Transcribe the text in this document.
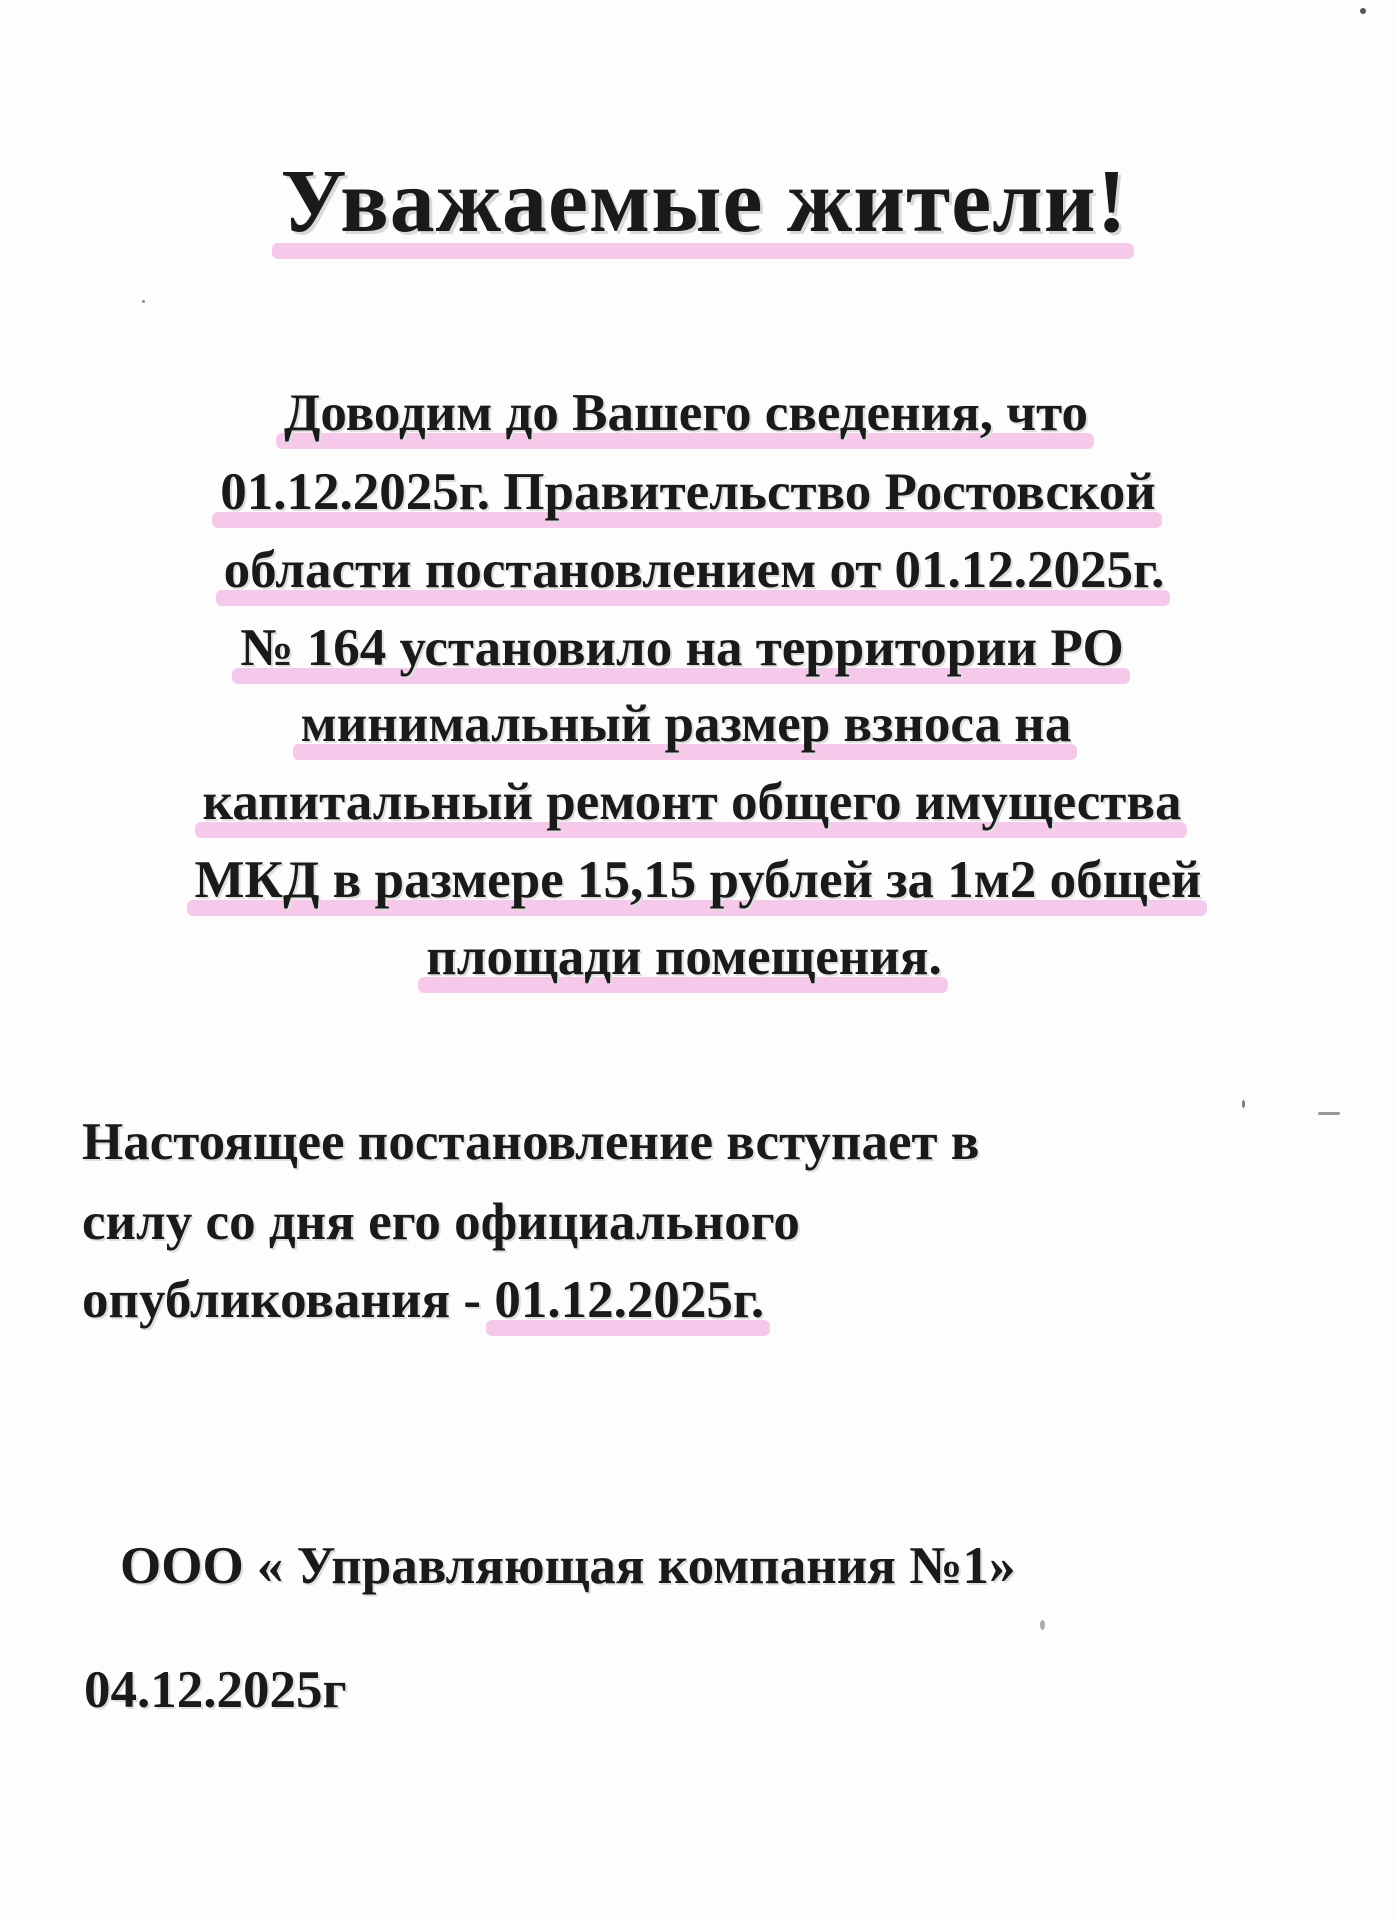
Уважаемые жители!
Доводим до Вашего сведения, что
01.12.2025г. Правительство Ростовской
области постановлением от 01.12.2025г.
№ 164 установило на территории РО
минимальный размер взноса на
капитальный ремонт общего имущества
МКД в размере 15,15 рублей за 1м2 общей
площади помещения.
Настоящее постановление вступает в
силу со дня его официального
опубликования - 01.12.2025г.
ООО « Управляющая компания №1»
04.12.2025г
